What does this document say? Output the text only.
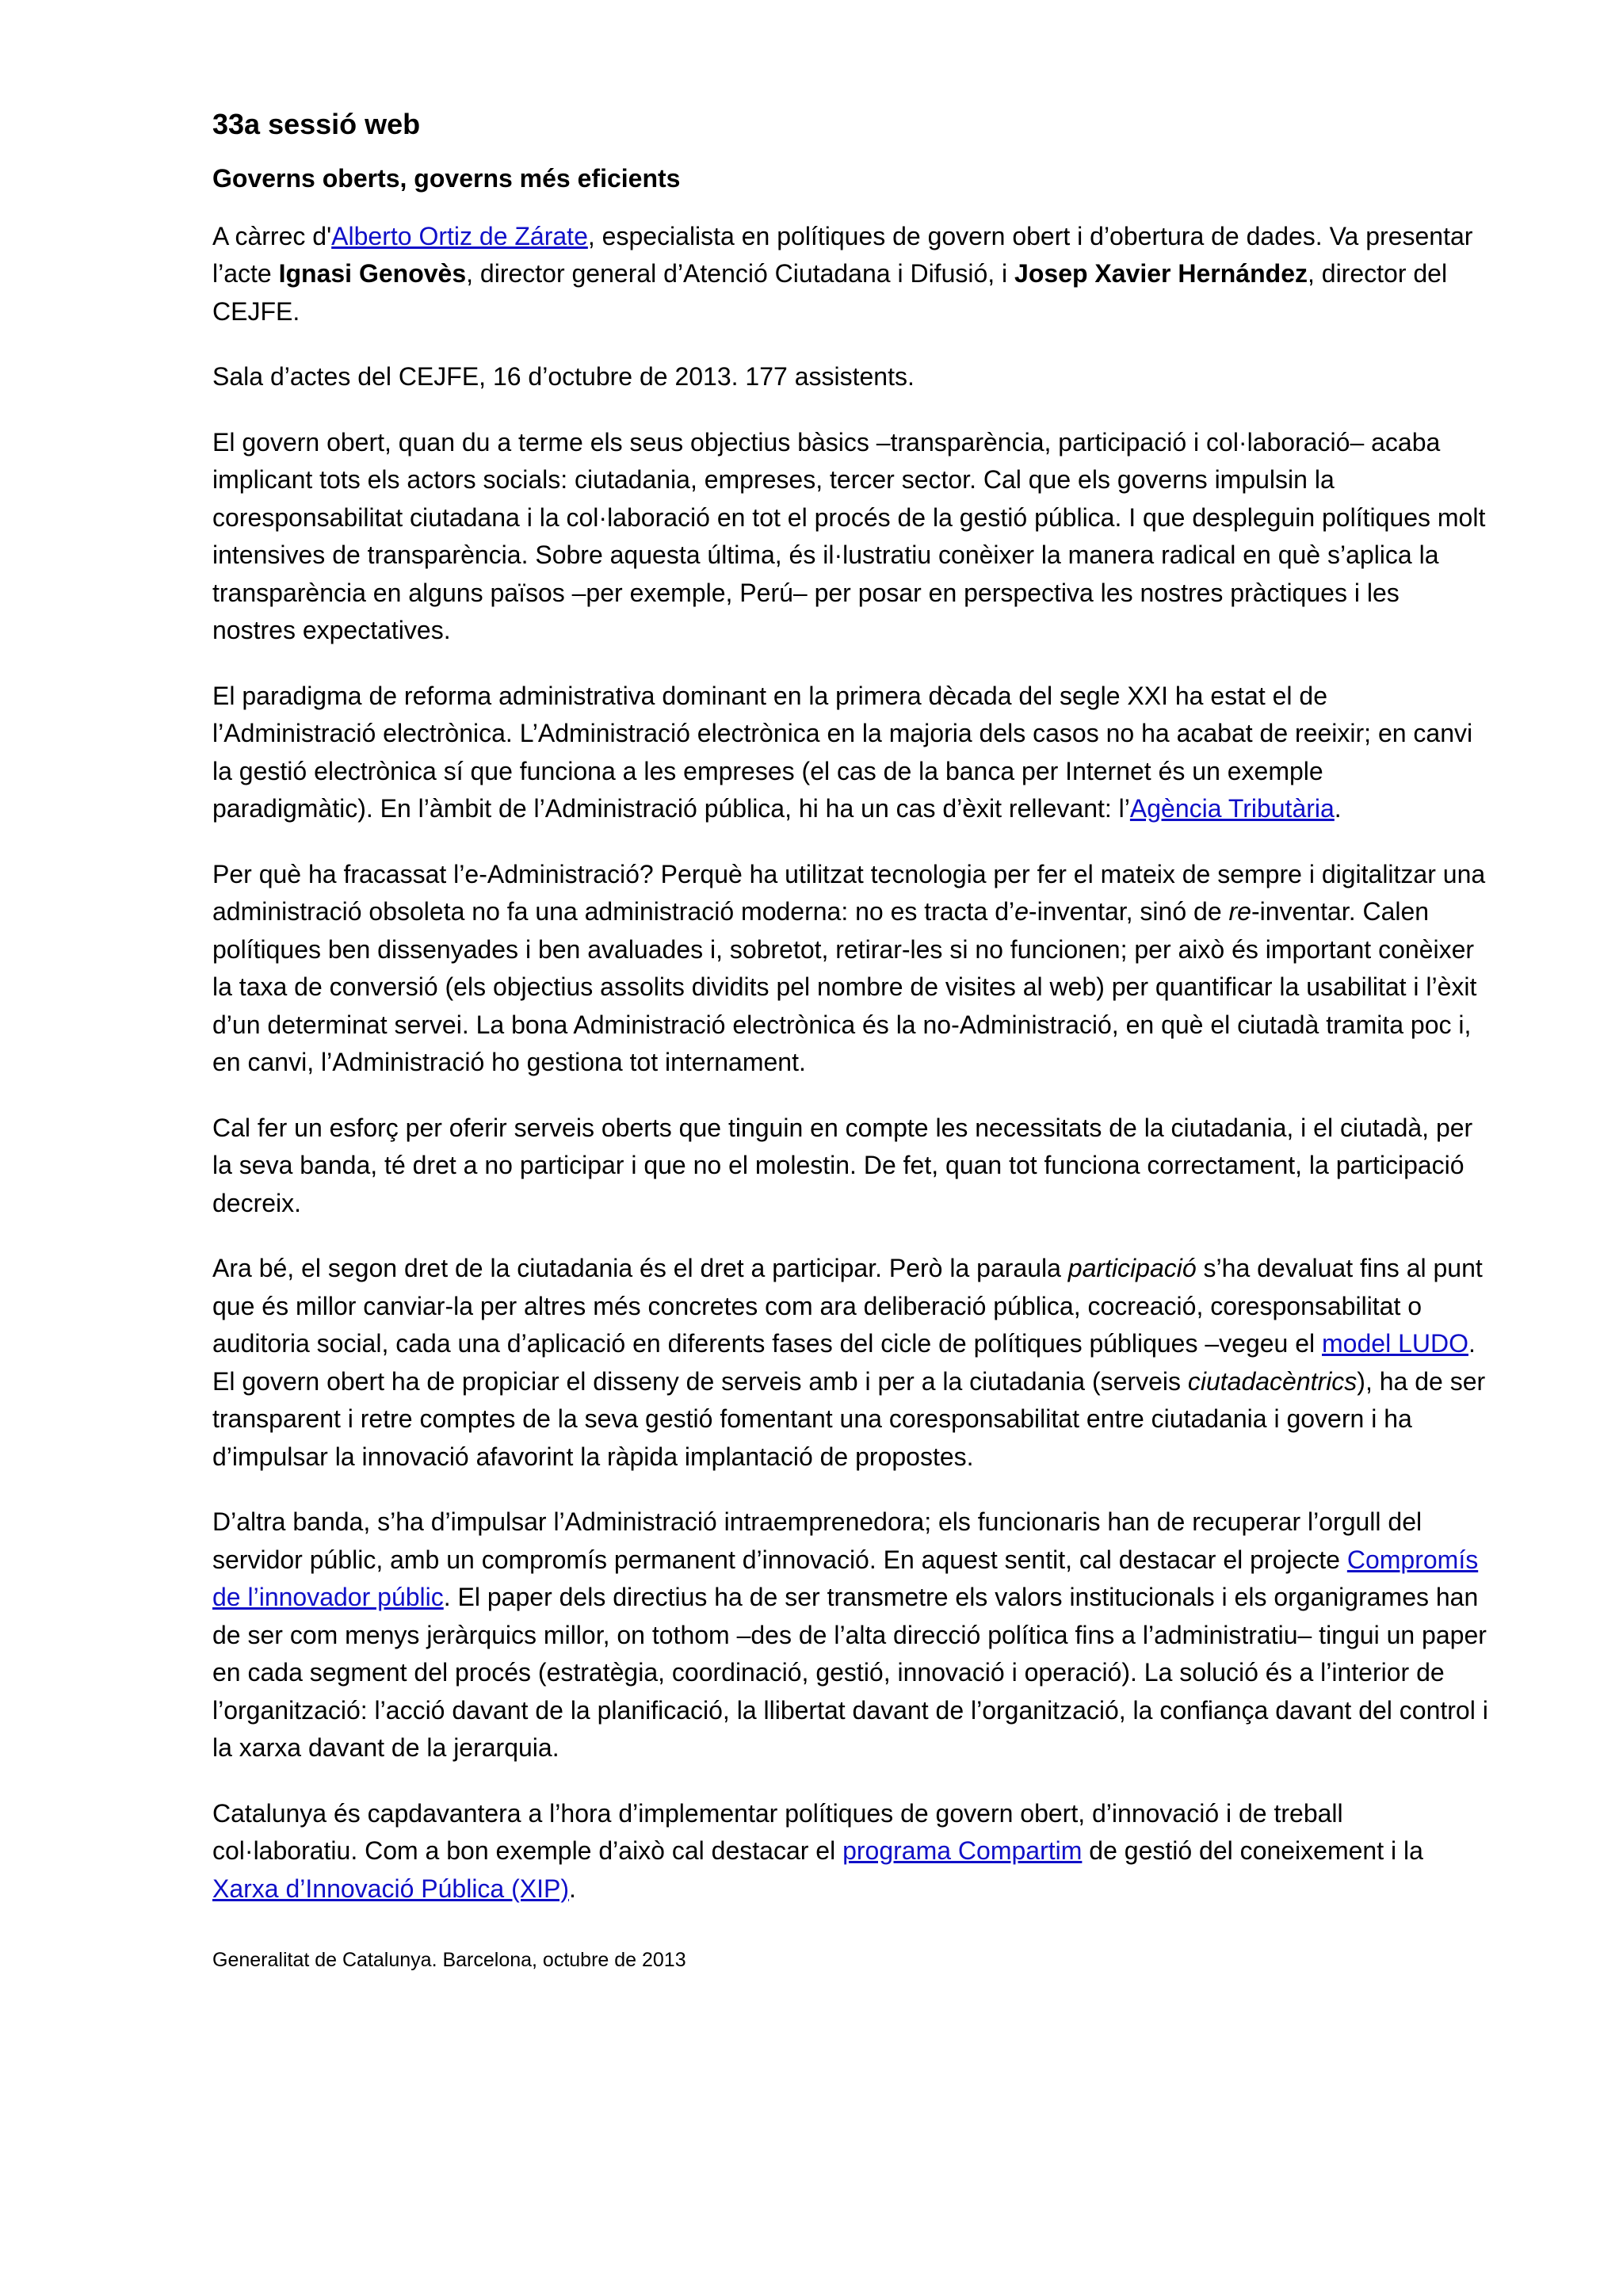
33a sessió web
Governs oberts, governs més eficients

A càrrec d'Alberto Ortiz de Zárate, especialista en polítiques de govern obert i d’obertura de dades. Va presentar l’acte Ignasi Genovès, director general d’Atenció Ciutadana i Difusió, i Josep Xavier Hernández, director del CEJFE.

Sala d’actes del CEJFE, 16 d’octubre de 2013. 177 assistents.

El govern obert, quan du a terme els seus objectius bàsics –transparència, participació i col·laboració– acaba implicant tots els actors socials: ciutadania, empreses, tercer sector. Cal que els governs impulsin la coresponsabilitat ciutadana i la col·laboració en tot el procés de la gestió pública. I que despleguin polítiques molt intensives de transparència. Sobre aquesta última, és il·lustratiu conèixer la manera radical en què s’aplica la transparència en alguns països –per exemple, Perú– per posar en perspectiva les nostres pràctiques i les nostres expectatives.

El paradigma de reforma administrativa dominant en la primera dècada del segle XXI ha estat el de l’Administració electrònica. L’Administració electrònica en la majoria dels casos no ha acabat de reeixir; en canvi la gestió electrònica sí que funciona a les empreses (el cas de la banca per Internet és un exemple paradigmàtic). En l’àmbit de l’Administració pública, hi ha un cas d’èxit rellevant: l’Agència Tributària.

Per què ha fracassat l’e-Administració? Perquè ha utilitzat tecnologia per fer el mateix de sempre i digitalitzar una administració obsoleta no fa una administració moderna: no es tracta d’e-inventar, sinó de re-inventar. Calen polítiques ben dissenyades i ben avaluades i, sobretot, retirar-les si no funcionen; per això és important conèixer la taxa de conversió (els objectius assolits dividits pel nombre de visites al web) per quantificar la usabilitat i l’èxit d’un determinat servei. La bona Administració electrònica és la no-Administració, en què el ciutadà tramita poc i, en canvi, l’Administració ho gestiona tot internament.

Cal fer un esforç per oferir serveis oberts que tinguin en compte les necessitats de la ciutadania, i el ciutadà, per la seva banda, té dret a no participar i que no el molestin. De fet, quan tot funciona correctament, la participació decreix.

Ara bé, el segon dret de la ciutadania és el dret a participar. Però la paraula participació s’ha devaluat fins al punt que és millor canviar-la per altres més concretes com ara deliberació pública, cocreació, coresponsabilitat o auditoria social, cada una d’aplicació en diferents fases del cicle de polítiques públiques –vegeu el model LUDO. El govern obert ha de propiciar el disseny de serveis amb i per a la ciutadania (serveis ciutadacèntrics), ha de ser transparent i retre comptes de la seva gestió fomentant una coresponsabilitat entre ciutadania i govern i ha d’impulsar la innovació afavorint la ràpida implantació de propostes.

D’altra banda, s’ha d’impulsar l’Administració intraemprenedora; els funcionaris han de recuperar l’orgull del servidor públic, amb un compromís permanent d’innovació. En aquest sentit, cal destacar el projecte Compromís de l’innovador públic. El paper dels directius ha de ser transmetre els valors institucionals i els organigrames han de ser com menys jeràrquics millor, on tothom –des de l’alta direcció política fins a l’administratiu– tingui un paper en cada segment del procés (estratègia, coordinació, gestió, innovació i operació). La solució és a l’interior de l’organització: l’acció davant de la planificació, la llibertat davant de l’organització, la confiança davant del control i la xarxa davant de la jerarquia.

Catalunya és capdavantera a l’hora d’implementar polítiques de govern obert, d’innovació i de treball col·laboratiu. Com a bon exemple d’això cal destacar el programa Compartim de gestió del coneixement i la Xarxa d’Innovació Pública (XIP).

Generalitat de Catalunya. Barcelona, octubre de 2013
